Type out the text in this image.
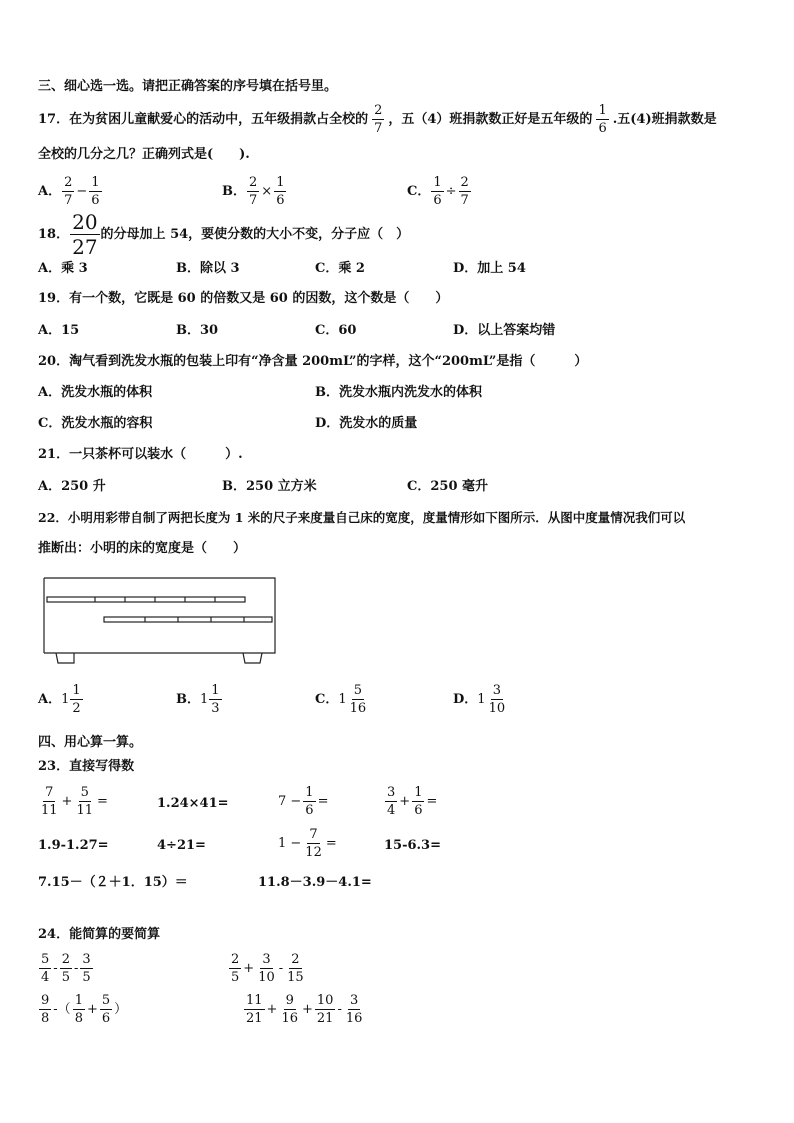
三、细心选一选。请把正确答案的序号填在括号里。
17． 在为贫困儿童献爱心的活动中，五年级捐款占全校的 $\frac{2}{7}$ ，五（4）班捐款数正好是五年级的 $\frac{1}{6}$ .五(4)班捐款数是
全校的几分之几？正确列式是(　　).
A． $\frac{2}{7} - \frac{1}{6}$	B． $\frac{2}{7} \times \frac{1}{6}$	C． $\frac{1}{6} \div \frac{2}{7}$
18． $\frac{20}{27}$ 的分母加上 54，要使分数的大小不变，分子应（　）
A．乘 3	B．除以 3	C．乘 2	D．加上 54
19．有一个数，它既是 60 的倍数又是 60 的因数，这个数是（　　）
A．15	B．30	C．60	D．以上答案均错
20．淘气看到洗发水瓶的包装上印有“净含量 200mL”的字样，这个“200mL”是指（　　　）
A．洗发水瓶的体积	B．洗发水瓶内洗发水的体积
C．洗发水瓶的容积	D．洗发水的质量
21．一只茶杯可以装水（　　　）.
A．250 升	B．250 立方米	C．250 毫升
22．小明用彩带自制了两把长度为 1 米的尺子来度量自己床的宽度，度量情形如下图所示．从图中度量情况我们可以
推断出：小明的床的宽度是（　　）
A． $1 \frac{1}{2}$	B． $1 \frac{1}{3}$	C． $1 \frac{5}{16}$	D． $1 \frac{3}{10}$
四、用心算一算。
23．直接写得数
$\frac{7}{11} + \frac{5}{11}$ =	1.24×41=	$7 - \frac{1}{6}$ =	$\frac{3}{4} + \frac{1}{6}$ =
1.9-1.27=	4÷21=	$1 - \frac{7}{12}$ =	15-6.3=
7.15－（２＋1．15）＝	11.8－3.9－4.1=
24．能简算的要简算
$\frac{5}{4} - \frac{2}{5} - \frac{3}{5}$	$\frac{2}{5} + \frac{3}{10} - \frac{2}{15}$
$\frac{9}{8}$ -（ $\frac{1}{8} + \frac{5}{6}$ ）	$\frac{11}{21} + \frac{9}{16} + \frac{10}{21} - \frac{3}{16}$
